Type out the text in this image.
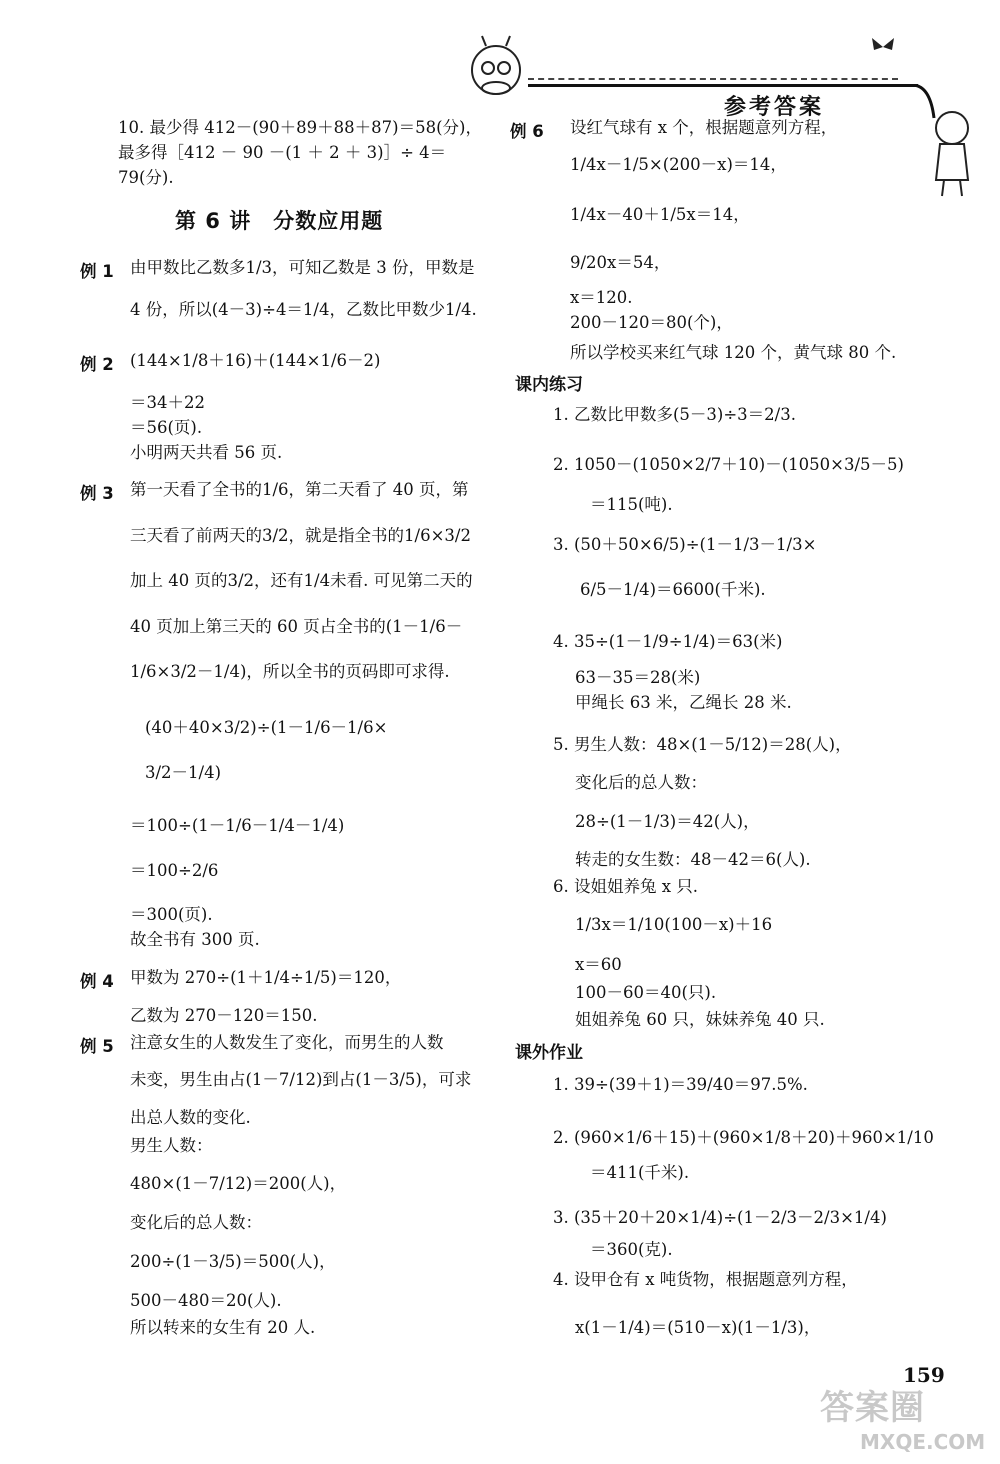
参考答案
10. 最少得 412－(90＋89＋88＋87)＝58(分)，
最多得［412 － 90 －(1 ＋ 2 ＋ 3)］÷ 4＝
79(分).
第 6 讲　分数应用题
由甲数比乙数多1/3，可知乙数是 3 份，甲数是
4 份，所以(4－3)÷4＝1/4，乙数比甲数少1/4.
(144×1/8＋16)＋(144×1/6－2)
＝34＋22
＝56(页).
小明两天共看 56 页.
第一天看了全书的1/6，第二天看了 40 页，第
三天看了前两天的3/2，就是指全书的1/6×3/2
加上 40 页的3/2，还有1/4未看. 可见第二天的
40 页加上第三天的 60 页占全书的(1－1/6－
1/6×3/2－1/4)，所以全书的页码即可求得.
(40＋40×3/2)÷(1－1/6－1/6×
3/2－1/4)
＝100÷(1－1/6－1/4－1/4)
＝100÷2/6
＝300(页).
故全书有 300 页.
甲数为 270÷(1＋1/4÷1/5)＝120，
乙数为 270－120＝150.
注意女生的人数发生了变化，而男生的人数
未变，男生由占(1－7/12)到占(1－3/5)，可求
出总人数的变化.
男生人数：
480×(1－7/12)＝200(人)，
变化后的总人数：
200÷(1－3/5)＝500(人)，
500－480＝20(人).
所以转来的女生有 20 人.
例 1
例 2
例 3
例 4
例 5
设红气球有 x 个，根据题意列方程，
1/4x－1/5×(200－x)＝14，
1/4x－40＋1/5x＝14，
9/20x＝54，
x＝120.
200－120＝80(个)，
所以学校买来红气球 120 个，黄气球 80 个.
1. 乙数比甲数多(5－3)÷3＝2/3.
2. 1050－(1050×2/7＋10)－(1050×3/5－5)
＝115(吨).
3. (50＋50×6/5)÷(1－1/3－1/3×
6/5－1/4)＝6600(千米).
4. 35÷(1－1/9÷1/4)＝63(米)
63－35＝28(米)
甲绳长 63 米，乙绳长 28 米.
5. 男生人数：48×(1－5/12)＝28(人)，
变化后的总人数：
28÷(1－1/3)＝42(人)，
转走的女生数：48－42＝6(人).
6. 设姐姐养兔 x 只.
1/3x＝1/10(100－x)＋16
x＝60
100－60＝40(只).
姐姐养兔 60 只，妹妹养兔 40 只.
1. 39÷(39＋1)＝39/40＝97.5%.
2. (960×1/6＋15)＋(960×1/8＋20)＋960×1/10
＝411(千米).
3. (35＋20＋20×1/4)÷(1－2/3－2/3×1/4)
＝360(克).
4. 设甲仓有 x 吨货物，根据题意列方程，
x(1－1/4)＝(510－x)(1－1/3)，
例 6
课内练习
课外作业
159
答案圈
MXQE.COM
